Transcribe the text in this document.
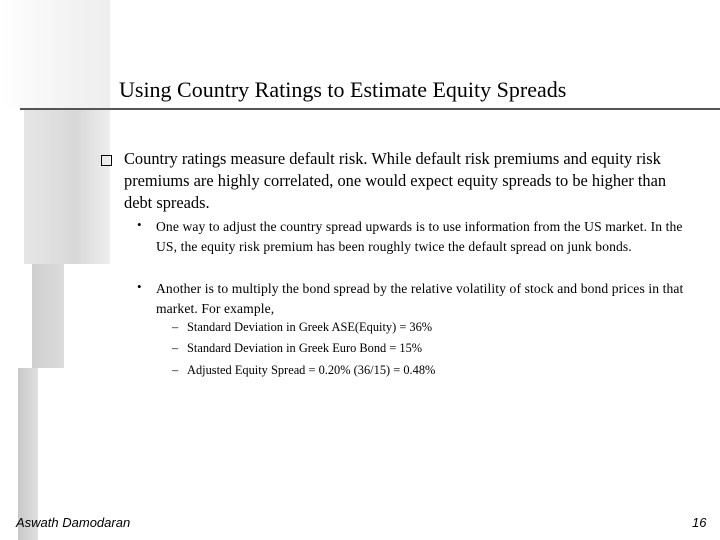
Using Country Ratings to Estimate Equity Spreads
Country ratings measure default risk. While default risk premiums and equity risk premiums are highly correlated, one would expect equity spreads to be higher than debt spreads.
• One way to adjust the country spread upwards is to use information from the US market. In the US, the equity risk premium has been roughly twice the default spread on junk bonds.
• Another is to multiply the bond spread by the relative volatility of stock and bond prices in that market. For example,
– Standard Deviation in Greek ASE(Equity) = 36%
– Standard Deviation in Greek Euro Bond = 15%
– Adjusted Equity Spread = 0.20% (36/15) = 0.48%
Aswath Damodaran	16
